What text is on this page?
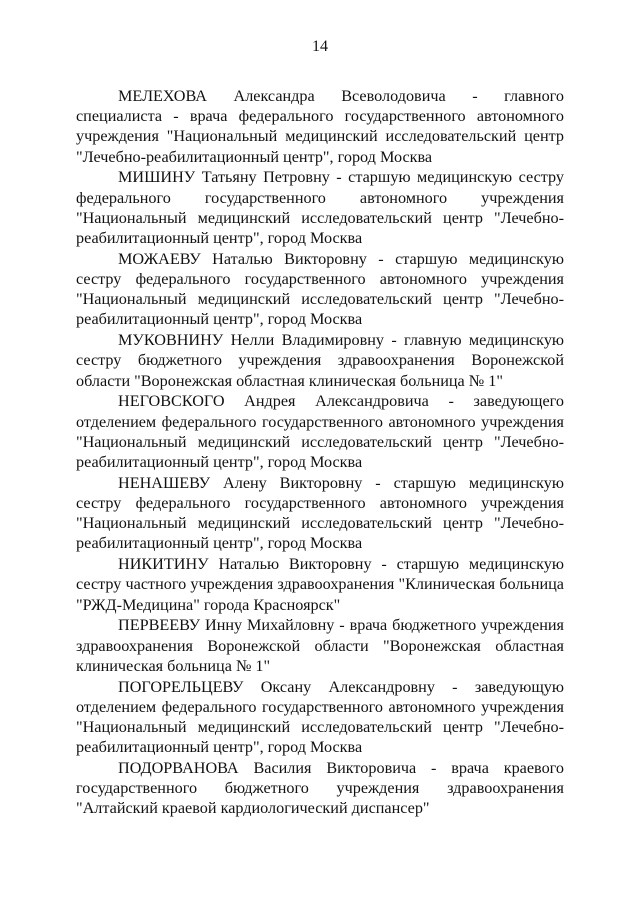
14

МЕЛЕХОВА Александра Всеволодовича - главного специалиста - врача федерального государственного автономного учреждения "Национальный медицинский исследовательский центр "Лечебно-реабилитационный центр", город Москва

МИШИНУ Татьяну Петровну - старшую медицинскую сестру федерального государственного автономного учреждения "Национальный медицинский исследовательский центр "Лечебно-реабилитационный центр", город Москва

МОЖАЕВУ Наталью Викторовну - старшую медицинскую сестру федерального государственного автономного учреждения "Национальный медицинский исследовательский центр "Лечебно-реабилитационный центр", город Москва

МУКОВНИНУ Нелли Владимировну - главную медицинскую сестру бюджетного учреждения здравоохранения Воронежской области "Воронежская областная клиническая больница № 1"

НЕГОВСКОГО Андрея Александровича - заведующего отделением федерального государственного автономного учреждения "Национальный медицинский исследовательский центр "Лечебно-реабилитационный центр", город Москва

НЕНАШЕВУ Алену Викторовну - старшую медицинскую сестру федерального государственного автономного учреждения "Национальный медицинский исследовательский центр "Лечебно-реабилитационный центр", город Москва

НИКИТИНУ Наталью Викторовну - старшую медицинскую сестру частного учреждения здравоохранения "Клиническая больница "РЖД-Медицина" города Красноярск"

ПЕРВЕЕВУ Инну Михайловну - врача бюджетного учреждения здравоохранения Воронежской области "Воронежская областная клиническая больница № 1"

ПОГОРЕЛЬЦЕВУ Оксану Александровну - заведующую отделением федерального государственного автономного учреждения "Национальный медицинский исследовательский центр "Лечебно-реабилитационный центр", город Москва

ПОДОРВАНОВА Василия Викторовича - врача краевого государственного бюджетного учреждения здравоохранения "Алтайский краевой кардиологический диспансер"
